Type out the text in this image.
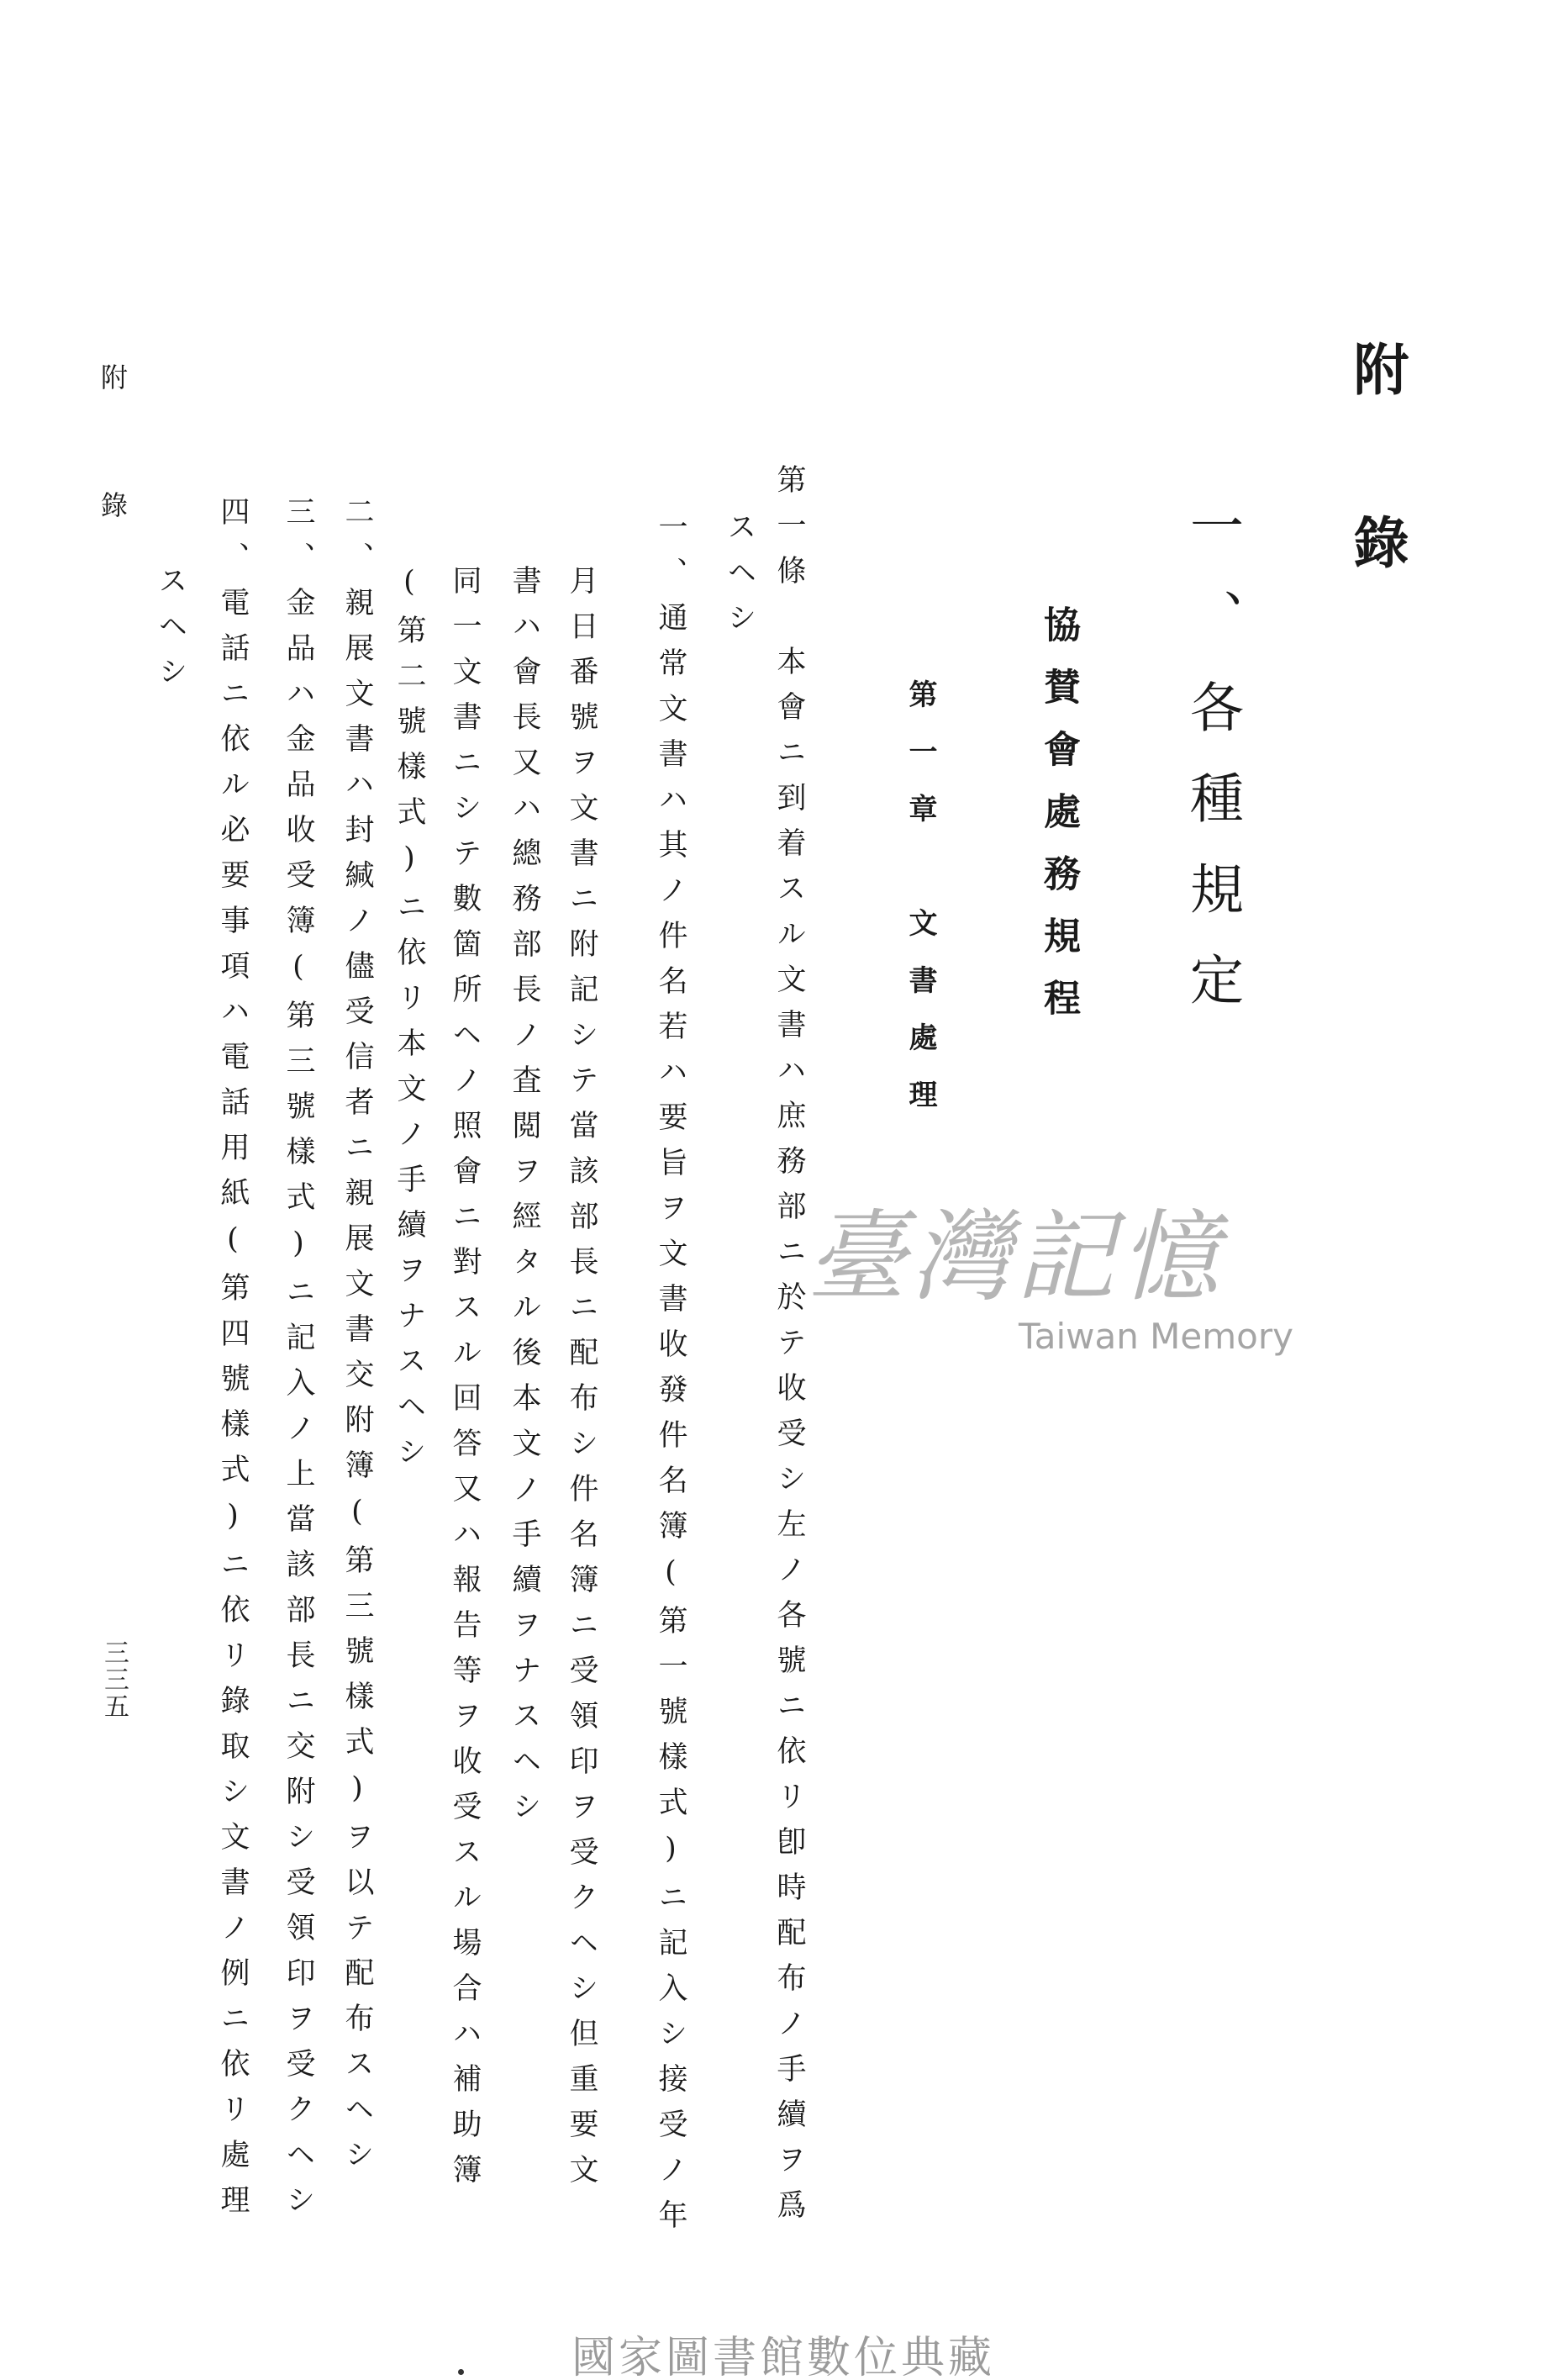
附錄
一、各種規定
協賛會處務規程
第一章　文書處理
第一條　本會ニ到着スル文書ハ庶務部ニ於テ收受シ左ノ各號ニ依リ卽時配布ノ手續ヲ爲
スヘシ
一、通常文書ハ其ノ件名若ハ要旨ヲ文書收發件名簿(第一號樣式)ニ記入シ接受ノ年
月日番號ヲ文書ニ附記シテ當該部長ニ配布シ件名簿ニ受領印ヲ受クヘシ但重要文
書ハ會長又ハ總務部長ノ査閲ヲ經タル後本文ノ手續ヲナスヘシ
同一文書ニシテ數箇所ヘノ照會ニ對スル回答又ハ報告等ヲ收受スル場合ハ補助簿
(第二號樣式)ニ依リ本文ノ手續ヲナスヘシ
二、親展文書ハ封緘ノ儘受信者ニ親展文書交附簿(第三號樣式)ヲ以テ配布スヘシ
三、金品ハ金品收受簿(第三號樣式)ニ記入ノ上當該部長ニ交附シ受領印ヲ受クヘシ
四、電話ニ依ル必要事項ハ電話用紙(第四號樣式)ニ依リ錄取シ文書ノ例ニ依リ處理
スヘシ
附錄
三三五
臺灣記憶
Taiwan Memory
國家圖書館數位典藏
